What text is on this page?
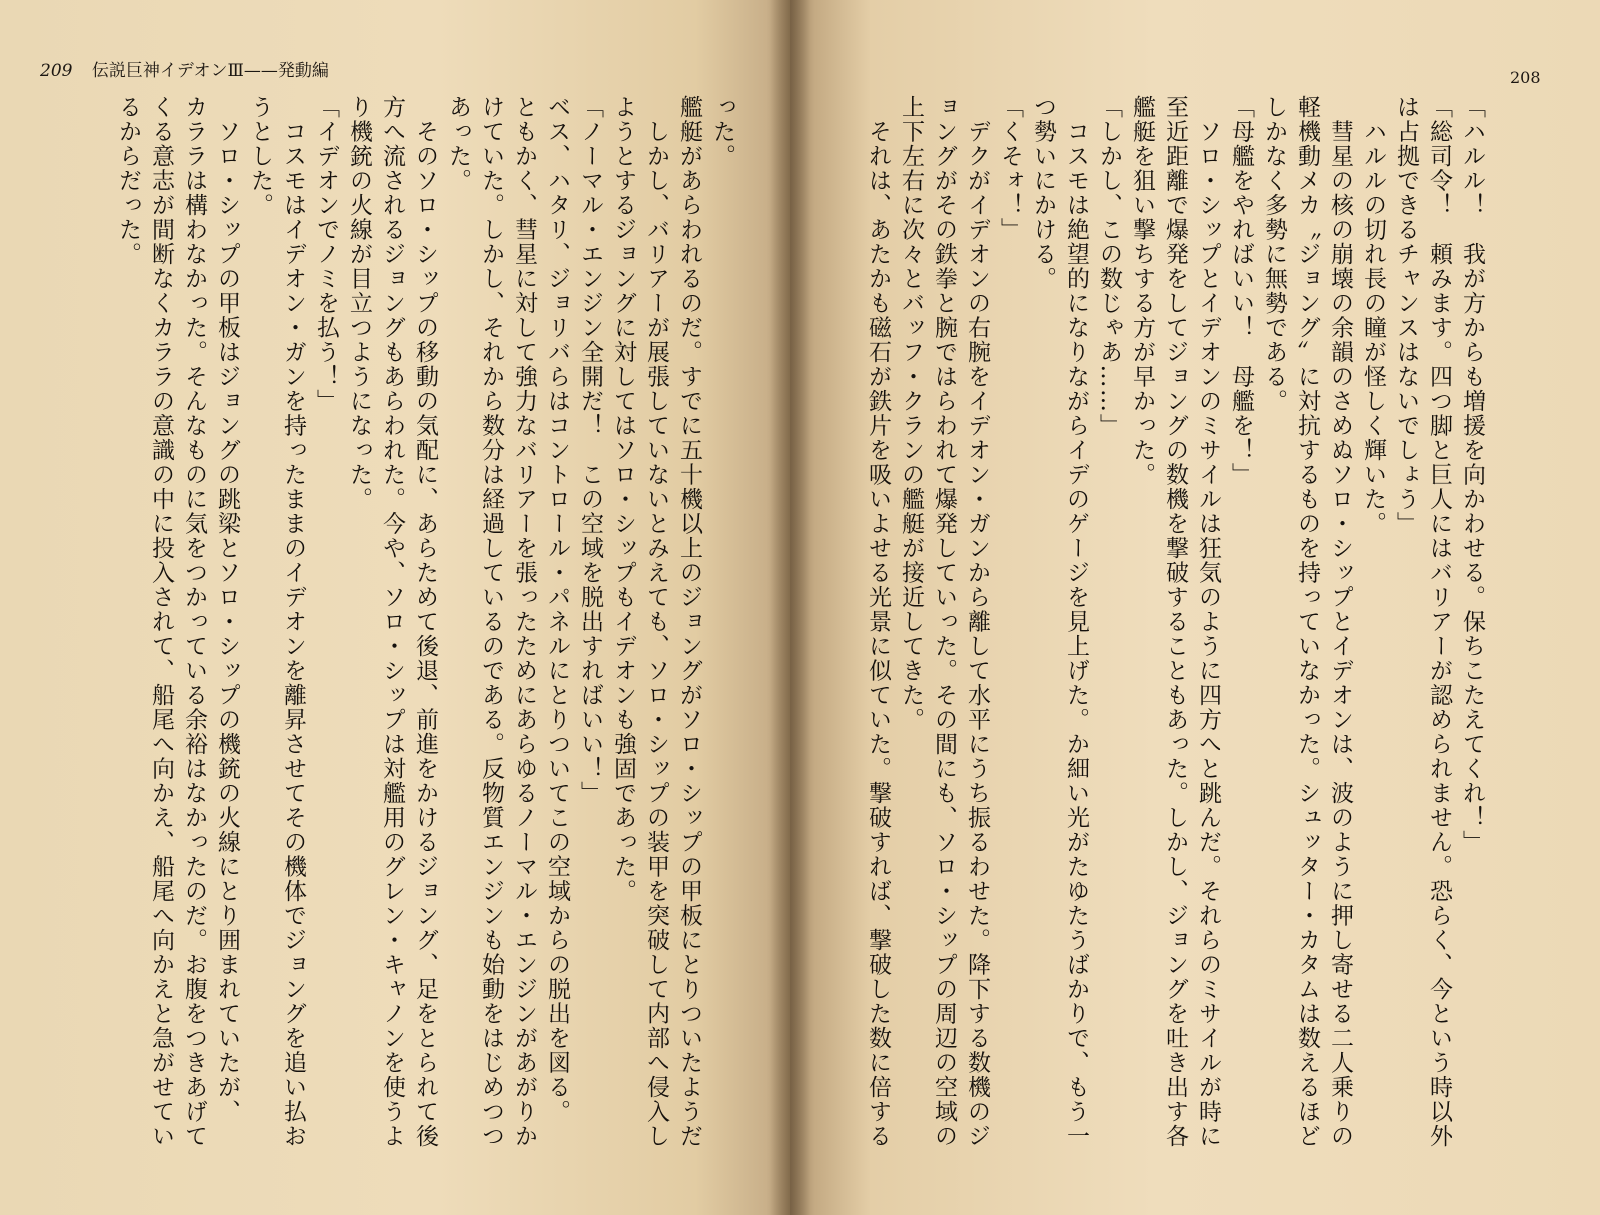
209 伝説巨神イデオンⅢ——発動編	208
「ハルル！　我が方からも増援を向かわせる。保ちこたえてくれ！」
「総司令！　頼みます。四つ脚と巨人にはバリアーが認められません。恐らく、今という時以外
は占拠できるチャンスはないでしょう」
　ハルルの切れ長の瞳が怪しく輝いた。
　彗星の核の崩壊の余韻のさめぬソロ・シップとイデオンは、波のように押し寄せる二人乗りの
軽機動メカ〝ジョング〟に対抗するものを持っていなかった。シュッター・カタムは数えるほど
しかなく多勢に無勢である。
「母艦をやればいい！　母艦を！」
　ソロ・シップとイデオンのミサイルは狂気のように四方へと跳んだ。それらのミサイルが時に
至近距離で爆発をしてジョングの数機を撃破することもあった。しかし、ジョングを吐き出す各
艦艇を狙い撃ちする方が早かった。
「しかし、この数じゃあ……」
　コスモは絶望的になりながらイデのゲージを見上げた。か細い光がたゆたうばかりで、もう一
つ勢いにかける。
「くそォ！」
　デクがイデオンの右腕をイデオン・ガンから離して水平にうち振るわせた。降下する数機のジ
ョングがその鉄拳と腕ではらわれて爆発していった。その間にも、ソロ・シップの周辺の空域の
上下左右に次々とバッフ・クランの艦艇が接近してきた。
　それは、あたかも磁石が鉄片を吸いよせる光景に似ていた。撃破すれば、撃破した数に倍する
った。
艦艇があらわれるのだ。すでに五十機以上のジョングがソロ・シップの甲板にとりついたようだ
　しかし、バリアーが展張していないとみえても、ソロ・シップの装甲を突破して内部へ侵入し
ようとするジョングに対してはソロ・シップもイデオンも強固であった。
「ノーマル・エンジン全開だ！　この空域を脱出すればいい！」
ベス、ハタリ、ジョリバらはコントロール・パネルにとりついてこの空域からの脱出を図る。
ともかく、彗星に対して強力なバリアーを張ったためにあらゆるノーマル・エンジンがあがりか
けていた。しかし、それから数分は経過しているのである。反物質エンジンも始動をはじめつつ
あった。
　そのソロ・シップの移動の気配に、あらためて後退、前進をかけるジョング、足をとられて後
方へ流されるジョングもあらわれた。今や、ソロ・シップは対艦用のグレン・キャノンを使うよ
り機銃の火線が目立つようになった。
「イデオンでノミを払う！」
　コスモはイデオン・ガンを持ったままのイデオンを離昇させてその機体でジョングを追い払お
うとした。
　ソロ・シップの甲板はジョングの跳梁とソロ・シップの機銃の火線にとり囲まれていたが、
カララは構わなかった。そんなものに気をつかっている余裕はなかったのだ。お腹をつきあげて
くる意志が間断なくカララの意識の中に投入されて、船尾へ向かえ、船尾へ向かえと急がせてい
るからだった。
